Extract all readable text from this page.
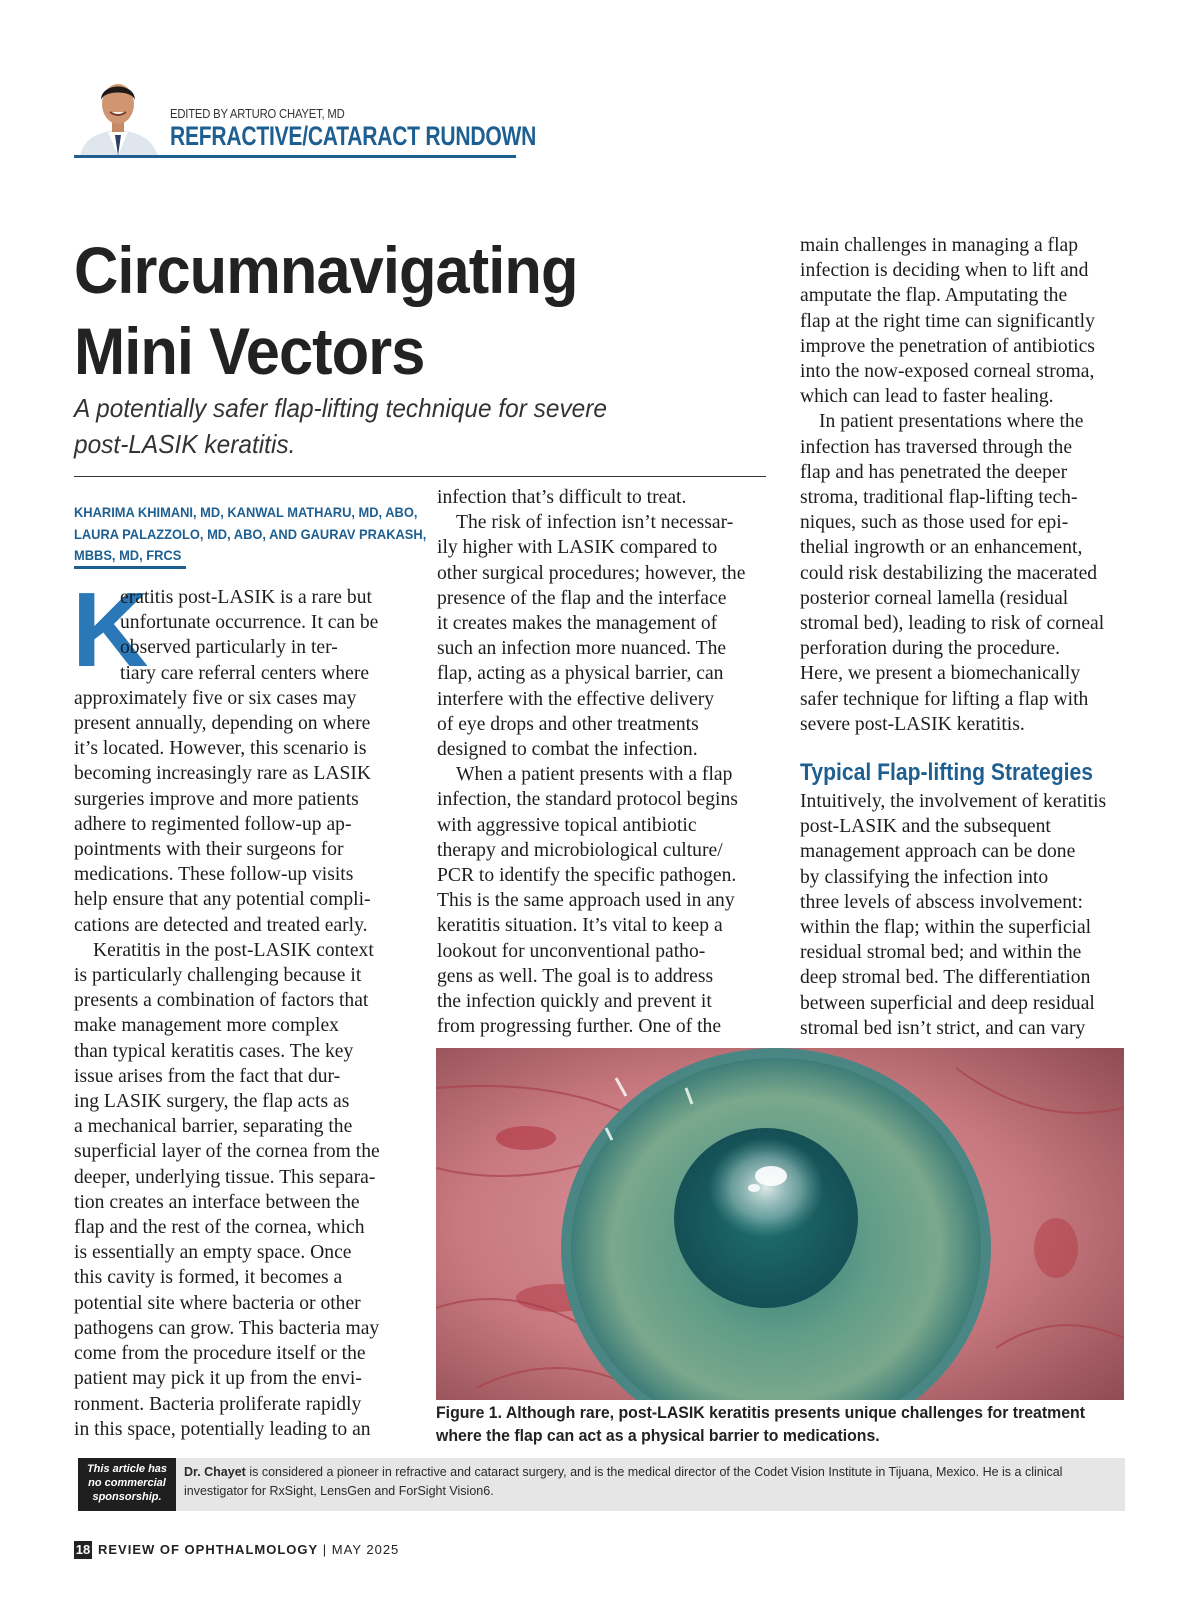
EDITED BY ARTURO CHAYET, MD
REFRACTIVE/CATARACT RUNDOWN
Circumnavigating
Mini Vectors
A potentially safer flap-lifting technique for severe
post-LASIK keratitis.
KHARIMA KHIMANI, MD, KANWAL MATHARU, MD, ABO,
LAURA PALAZZOLO, MD, ABO, AND GAURAV PRAKASH,
MBBS, MD, FRCS
K
eratitis post-LASIK is a rare but
unfortunate occurrence. It can be
observed particularly in ter-
tiary care referral centers where
approximately five or six cases may
present annually, depending on where
it’s located. However, this scenario is
becoming increasingly rare as LASIK
surgeries improve and more patients
adhere to regimented follow-up ap-
pointments with their surgeons for
medications. These follow-up visits
help ensure that any potential compli-
cations are detected and treated early.
Keratitis in the post-LASIK context
is particularly challenging because it
presents a combination of factors that
make management more complex
than typical keratitis cases. The key
issue arises from the fact that dur-
ing LASIK surgery, the flap acts as
a mechanical barrier, separating the
superficial layer of the cornea from the
deeper, underlying tissue. This separa-
tion creates an interface between the
flap and the rest of the cornea, which
is essentially an empty space. Once
this cavity is formed, it becomes a
potential site where bacteria or other
pathogens can grow. This bacteria may
come from the procedure itself or the
patient may pick it up from the envi-
ronment. Bacteria proliferate rapidly
in this space, potentially leading to an
infection that’s difficult to treat.
The risk of infection isn’t necessar-
ily higher with LASIK compared to
other surgical procedures; however, the
presence of the flap and the interface
it creates makes the management of
such an infection more nuanced. The
flap, acting as a physical barrier, can
interfere with the effective delivery
of eye drops and other treatments
designed to combat the infection.
When a patient presents with a flap
infection, the standard protocol begins
with aggressive topical antibiotic
therapy and microbiological culture/
PCR to identify the specific pathogen.
This is the same approach used in any
keratitis situation. It’s vital to keep a
lookout for unconventional patho-
gens as well. The goal is to address
the infection quickly and prevent it
from progressing further. One of the
main challenges in managing a flap
infection is deciding when to lift and
amputate the flap. Amputating the
flap at the right time can significantly
improve the penetration of antibiotics
into the now-exposed corneal stroma,
which can lead to faster healing.
In patient presentations where the
infection has traversed through the
flap and has penetrated the deeper
stroma, traditional flap-lifting tech-
niques, such as those used for epi-
thelial ingrowth or an enhancement,
could risk destabilizing the macerated
posterior corneal lamella (residual
stromal bed), leading to risk of corneal
perforation during the procedure.
Here, we present a biomechanically
safer technique for lifting a flap with
severe post-LASIK keratitis.
Typical Flap-lifting Strategies
Intuitively, the involvement of keratitis
post-LASIK and the subsequent
management approach can be done
by classifying the infection into
three levels of abscess involvement:
within the flap; within the superficial
residual stromal bed; and within the
deep stromal bed. The differentiation
between superficial and deep residual
stromal bed isn’t strict, and can vary
Figure 1. Although rare, post-LASIK keratitis presents unique challenges for treatment
where the flap can act as a physical barrier to medications.
This article has
no commercial
sponsorship.
Dr. Chayet is considered a pioneer in refractive and cataract surgery, and is the medical director of the Codet Vision Institute in Tijuana, Mexico. He is a clinical
investigator for RxSight, LensGen and ForSight Vision6.
18 REVIEW OF OPHTHALMOLOGY | MAY 2025
